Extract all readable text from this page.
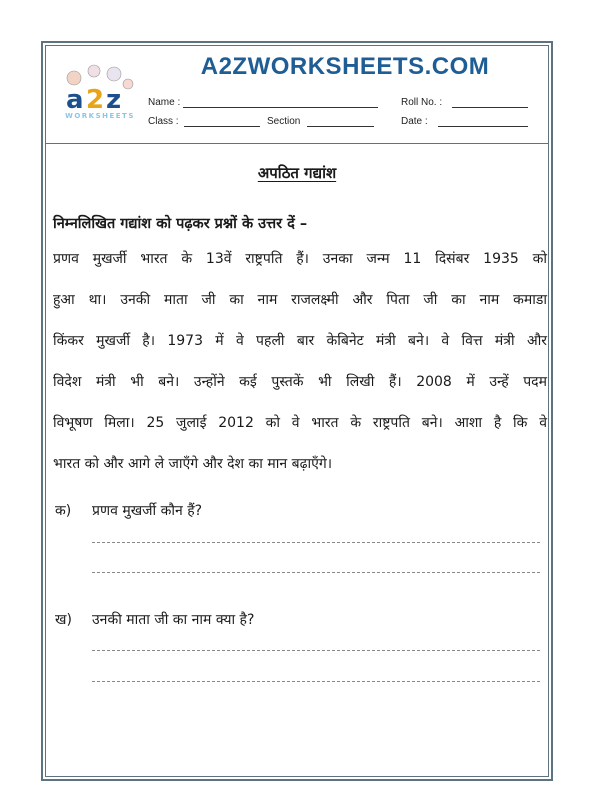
a 2 z
WORKSHEETS
A2ZWORKSHEETS.COM
Name :	Roll No. :
Class :	Section	Date :
अपठित गद्यांश
निम्नलिखित गद्यांश को पढ़कर प्रश्नों के उत्तर दें –
प्रणव मुखर्जी भारत के 13वें राष्ट्रपति हैं। उनका जन्म 11 दिसंबर 1935 को
हुआ था। उनकी माता जी का नाम राजलक्ष्मी और पिता जी का नाम कमाडा
किंकर मुखर्जी है। 1973 में वे पहली बार केबिनेट मंत्री बने। वे वित्त मंत्री और
विदेश मंत्री भी बने। उन्होंने कई पुस्तकें भी लिखी हैं। 2008 में उन्हें पदम
विभूषण मिला। 25 जुलाई 2012 को वे भारत के राष्ट्रपति बने। आशा है कि वे
भारत को और आगे ले जाएँगे और देश का मान बढ़ाएँगे।
क) प्रणव मुखर्जी कौन हैं?
ख) उनकी माता जी का नाम क्या है?
